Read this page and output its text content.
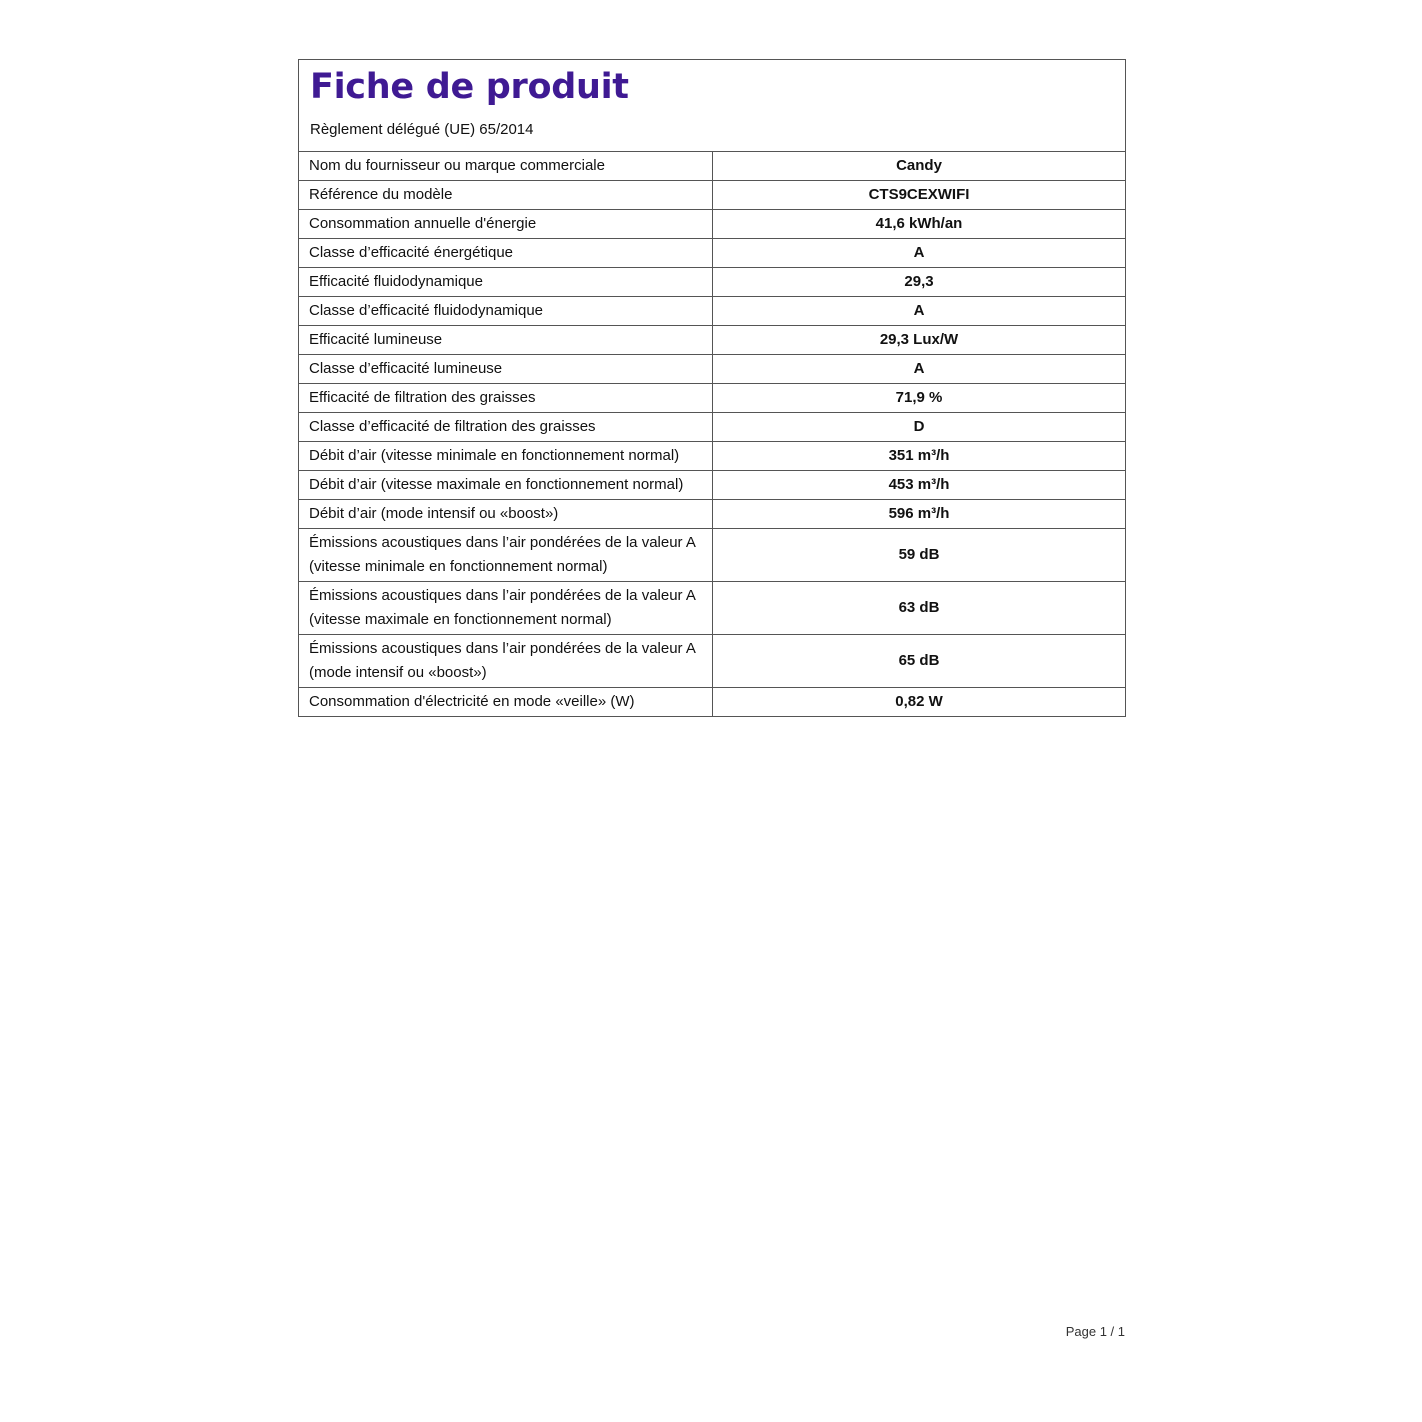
Fiche de produit
Règlement délégué (UE) 65/2014
Nom du fournisseur ou marque commerciale	Candy
Référence du modèle	CTS9CEXWIFI
Consommation annuelle d'énergie	41,6 kWh/an
Classe d’efficacité énergétique	A
Efficacité fluidodynamique	29,3
Classe d’efficacité fluidodynamique	A
Efficacité lumineuse	29,3 Lux/W
Classe d’efficacité lumineuse	A
Efficacité de filtration des graisses	71,9 %
Classe d’efficacité de filtration des graisses	D
Débit d’air (vitesse minimale en fonctionnement normal)	351 m³/h
Débit d’air (vitesse maximale en fonctionnement normal)	453 m³/h
Débit d’air (mode intensif ou «boost»)	596 m³/h
Émissions acoustiques dans l’air pondérées de la valeur A (vitesse minimale en fonctionnement normal)	59 dB
Émissions acoustiques dans l’air pondérées de la valeur A (vitesse maximale en fonctionnement normal)	63 dB
Émissions acoustiques dans l’air pondérées de la valeur A (mode intensif ou «boost»)	65 dB
Consommation d'électricité en mode «veille» (W)	0,82 W
Page 1 / 1
